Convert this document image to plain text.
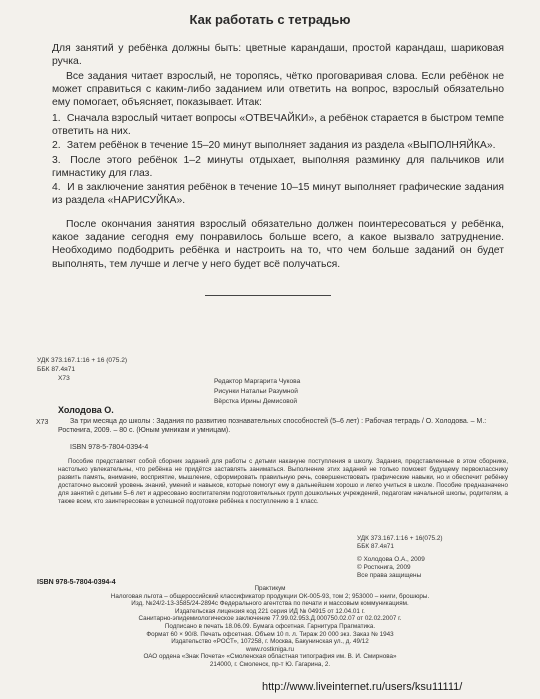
Как работать с тетрадью
Для занятий у ребёнка должны быть: цветные карандаши, простой карандаш, шариковая ручка.
Все задания читает взрослый, не торопясь, чётко проговаривая слова. Если ребёнок не может справиться с каким-либо заданием или ответить на вопрос, взрослый обязательно ему помогает, объясняет, показывает. Итак:
1. Сначала взрослый читает вопросы «ОТВЕЧАЙКИ», а ребёнок старается в быстром темпе ответить на них.
2. Затем ребёнок в течение 15–20 минут выполняет задания из раздела «ВЫПОЛНЯЙКА».
3. После этого ребёнок 1–2 минуты отдыхает, выполняя разминку для пальчиков или гимнастику для глаз.
4. И в заключение занятия ребёнок в течение 10–15 минут выполняет графические задания из раздела «НАРИСУЙКА».
После окончания занятия взрослый обязательно должен поинтересоваться у ребёнка, какое задание сегодня ему понравилось больше всего, а какое вызвало затруднение. Необходимо подбодрить ребёнка и настроить на то, что чем больше заданий он будет выполнять, тем лучше и легче у него будет всё получаться.
УДК 373.167.1:16 + 16 (075.2)
ББК 87.4я71
Х73	Редактор Маргарита Чукова
Рисунки Натальи Разумной
Вёрстка Ирины Демисовой
Холодова О.
Х73	За три месяца до школы : Задания по развитию познавательных способностей (5–6 лет) : Рабочая тетрадь / О. Холодова. – М.: Росткнига, 2009. – 80 с. (Юным умникам и умницам).
ISBN 978-5-7804-0394-4
Пособие представляет собой сборник заданий для работы с детьми накануне поступления в школу. Задания, представленные в этом сборнике, настолько увлекательны, что ребёнка не придётся заставлять заниматься. Выполнение этих заданий не только поможет будущему первокласснику развить память, внимание, восприятие, мышление, сформировать правильную речь, совершенствовать графические навыки, но и обеспечит ребёнку достаточно высокий уровень знаний, умений и навыков, которые помогут ему в дальнейшем хорошо и легко учиться в школе. Пособие предназначено для занятий с детьми 5–6 лет и адресовано воспитателям подготовительных групп дошкольных учреждений, педагогам начальной школы, родителям, а также всем, кто заинтересован в успешной подготовке ребёнка к поступлению в 1 класс.
УДК 373.167.1:16 + 16(075.2)
ББК 87.4я71
© Холодова О.А., 2009
© Росткнига, 2009
Все права защищены
ISBN 978-5-7804-0394-4
Практикум
Налоговая льгота – общероссийский классификатор продукции ОК-005-93, том 2; 953000 – книги, брошюры.
Изд. №24/2-13-3585/24-2894с Федерального агентства по печати и массовым коммуникациям.
Издательская лицензия код 221 серия ИД № 04915 от 12.04.01 г.
Санитарно-эпидемиологическое заключение 77.99.02.953.Д.000750.02.07 от 02.02.2007 г.
Подписано в печать 18.06.09. Бумага офсетная. Гарнитура Прагматика.
Формат 60 × 90/8. Печать офсетная. Объем 10 п. л. Тираж 20 000 экз. Заказ № 1943
Издательство «РОСТ», 107258, г. Москва, Бакунинская ул., д. 49/12
www.rostkniga.ru
ОАО ордена «Знак Почета» «Смоленская областная типография им. В. И. Смирнова»
214000, г. Смоленск, пр-т Ю. Гагарина, 2.
http://www.liveinternet.ru/users/ksu11111/
